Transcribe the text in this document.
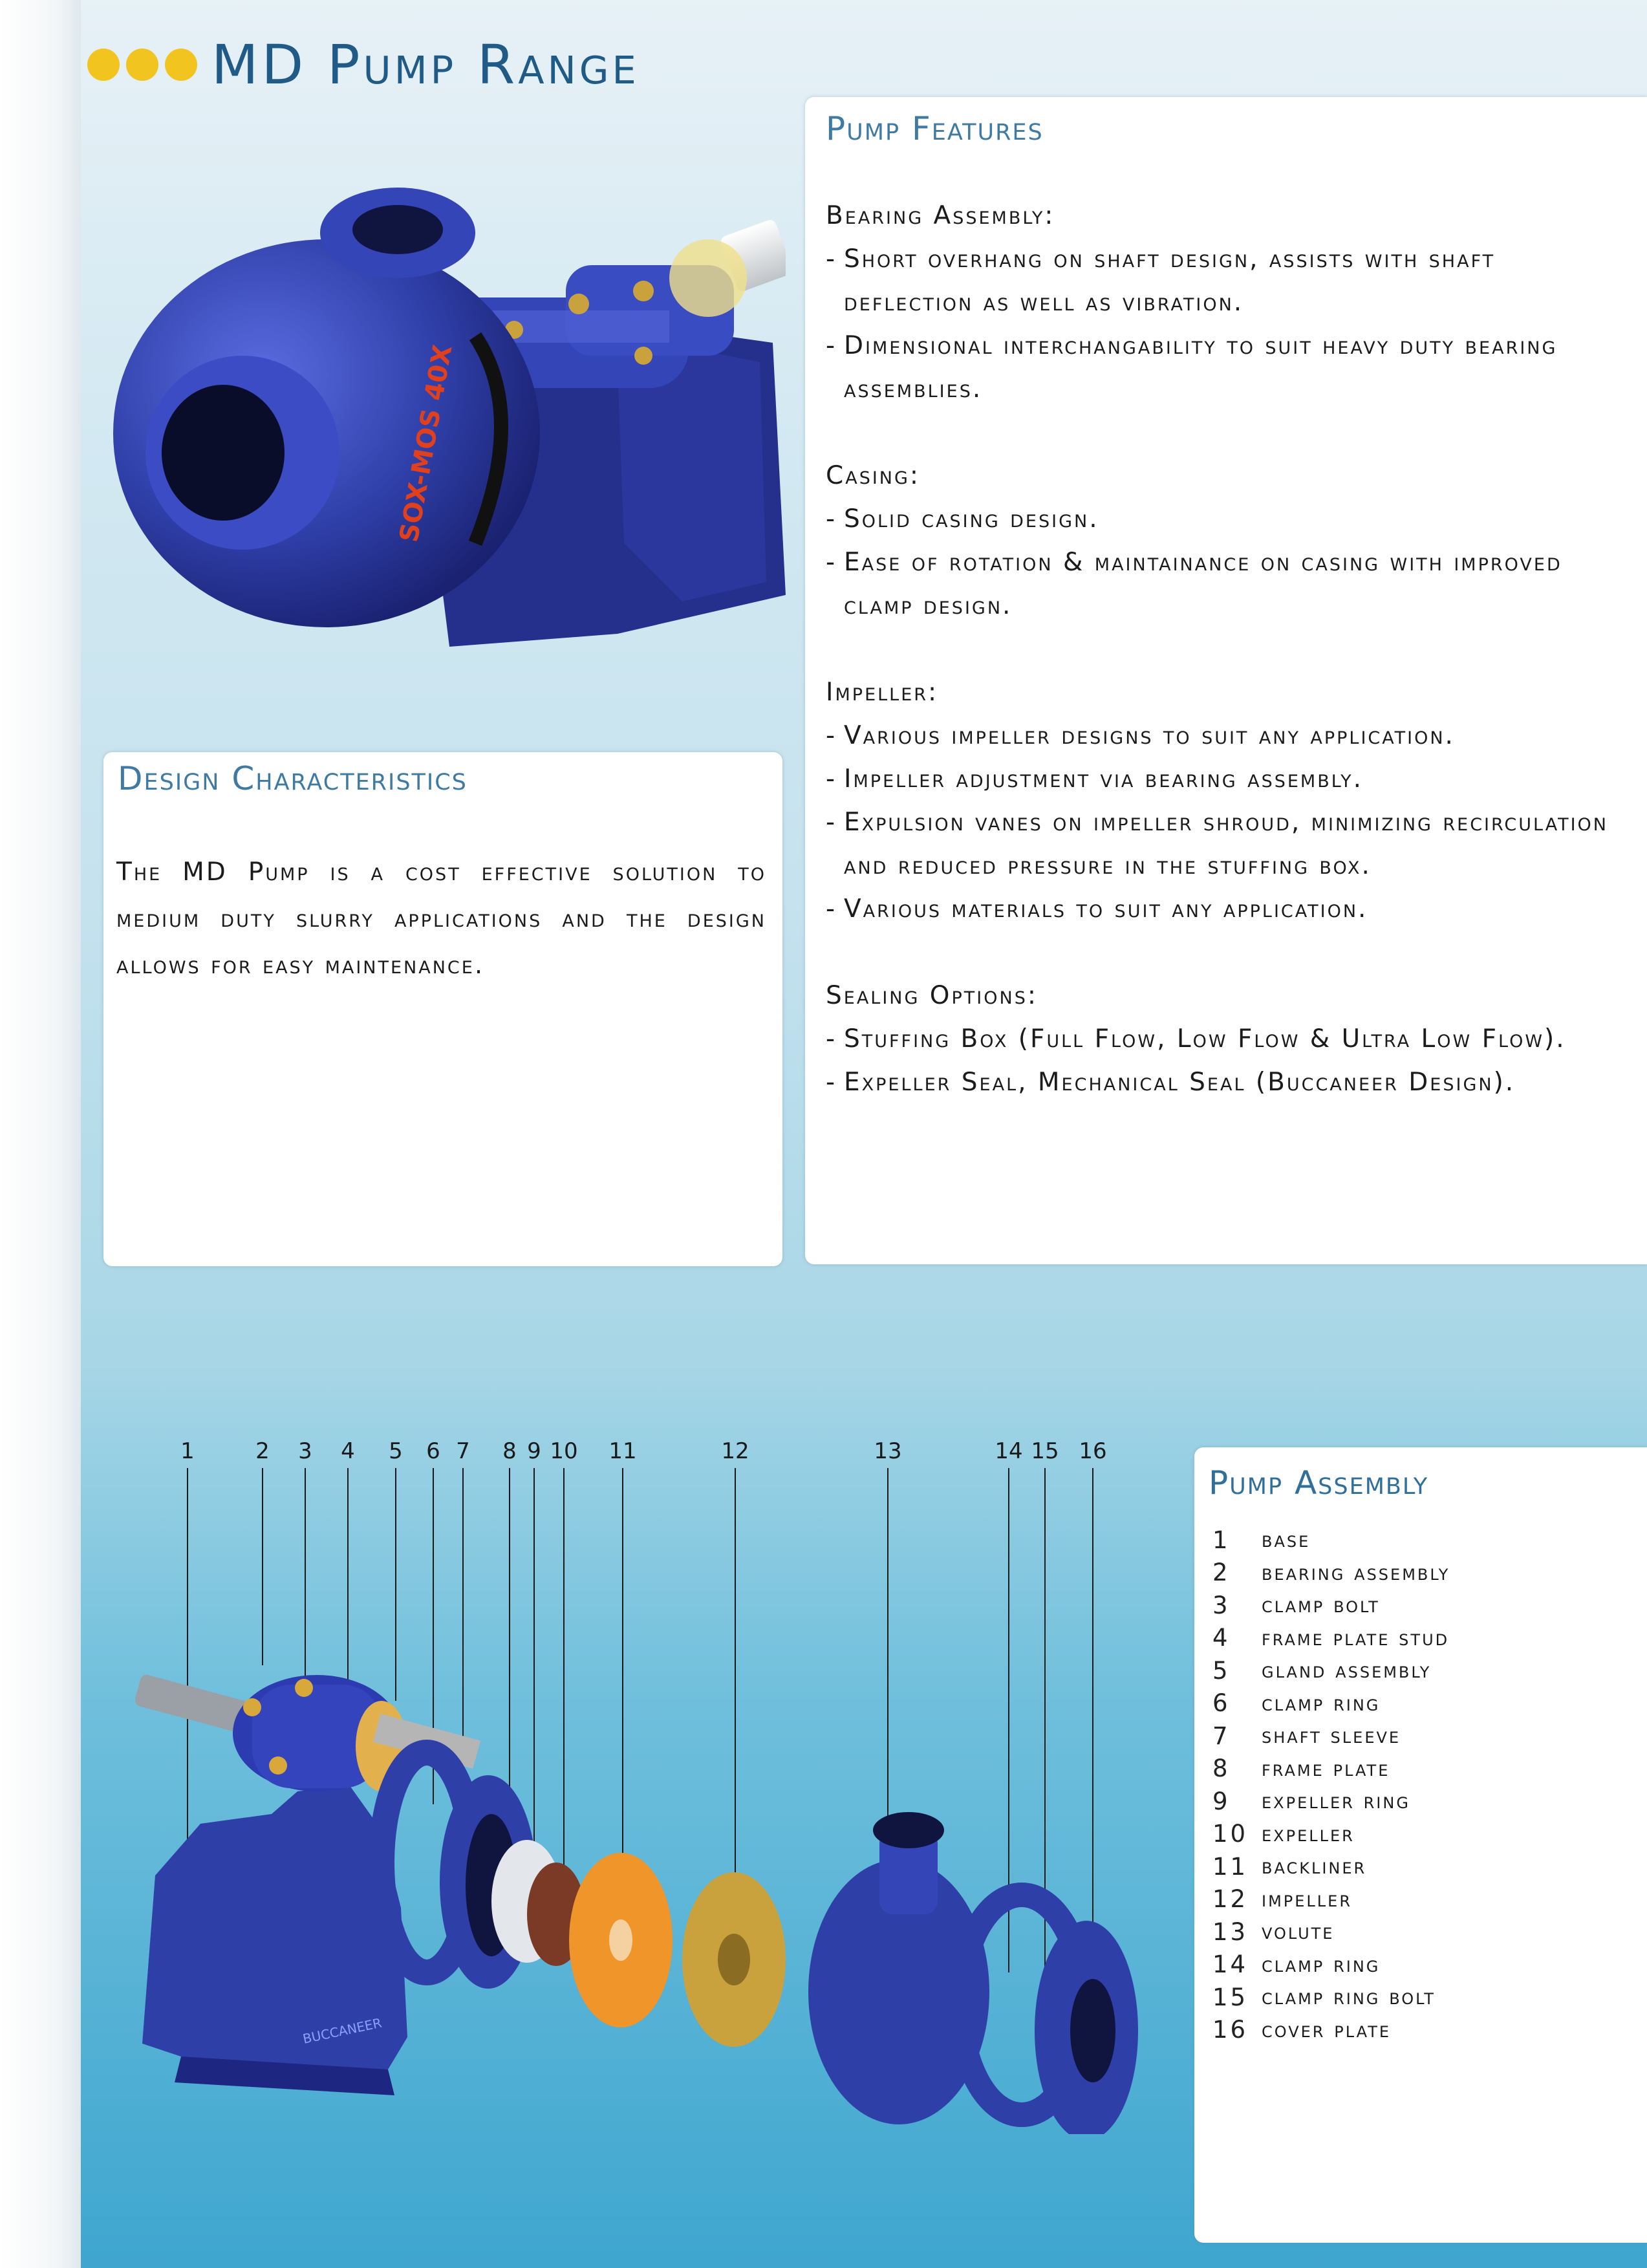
MD Pump Range
SOX-MOS 40X
Pump Features
Bearing Assembly:
- Short overhang on shaft design, assists with shaft deflection as well as vibration.
- Dimensional interchangability to suit heavy duty bearing assemblies.
Casing:
- Solid casing design.
- Ease of rotation & maintainance on casing with improved clamp design.
Impeller:
- Various impeller designs to suit any application.
- Impeller adjustment via bearing assembly.
- Expulsion vanes on impeller shroud, minimizing recirculation and reduced pressure in the stuffing box.
- Various materials to suit any application.
Sealing Options:
- Stuffing Box (Full Flow, Low Flow & Ultra Low Flow).
- Expeller Seal, Mechanical Seal (Buccaneer Design).
Design Characteristics

The MD Pump is a cost effective solution to medium duty slurry applications and the design allows for easy maintenance.

1	2 3 4 5 6 7 8 9 10 11	12	13	14 15 16
BUCCANEER
Pump Assembly
1	base
2	bearing assembly
3	clamp bolt
4	frame plate stud
5	gland assembly
6	clamp ring
7	shaft sleeve
8	frame plate
9	expeller ring
10 expeller
11 backliner
12 impeller
13 volute
14 clamp ring
15 clamp ring bolt
16 cover plate
